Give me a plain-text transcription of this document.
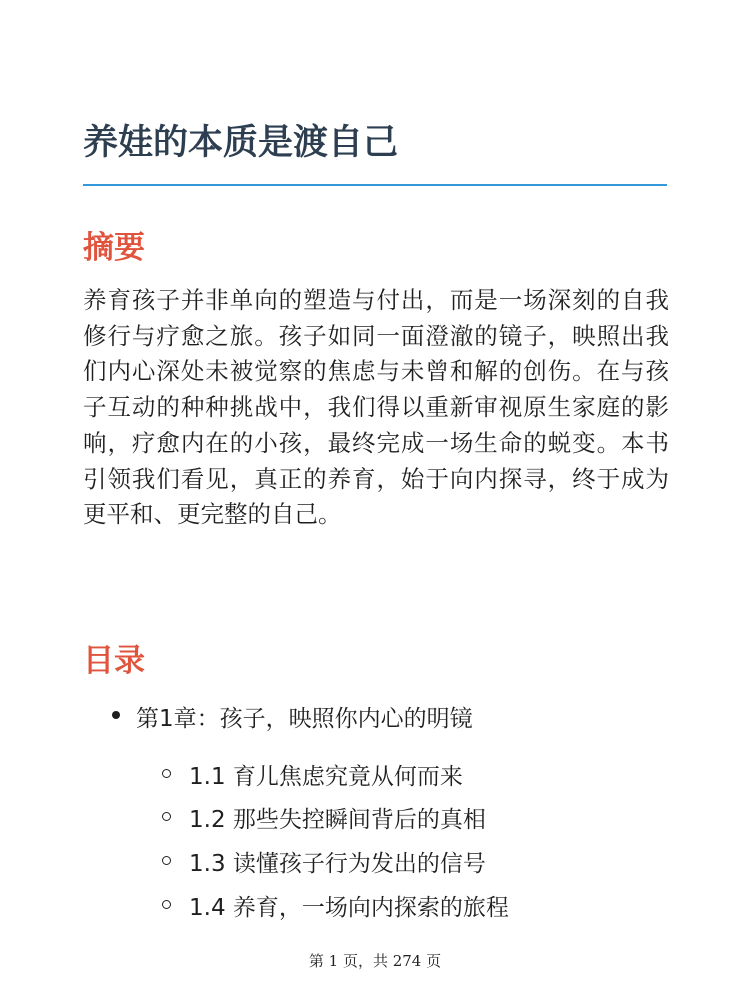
养娃的本质是渡自己
摘要

养育孩子并非单向的塑造与付出，而是一场深刻的自我修行与疗愈之旅。孩子如同一面澄澈的镜子，映照出我们内心深处未被觉察的焦虑与未曾和解的创伤。在与孩子互动的种种挑战中，我们得以重新审视原生家庭的影响，疗愈内在的小孩，最终完成一场生命的蜕变。本书引领我们看见，真正的养育，始于向内探寻，终于成为更平和、更完整的自己。

目录
第1章：孩子，映照你内心的明镜
1.1 育儿焦虑究竟从何而来
1.2 那些失控瞬间背后的真相
1.3 读懂孩子行为发出的信号
1.4 养育，一场向内探索的旅程
第 1 页，共 274 页
